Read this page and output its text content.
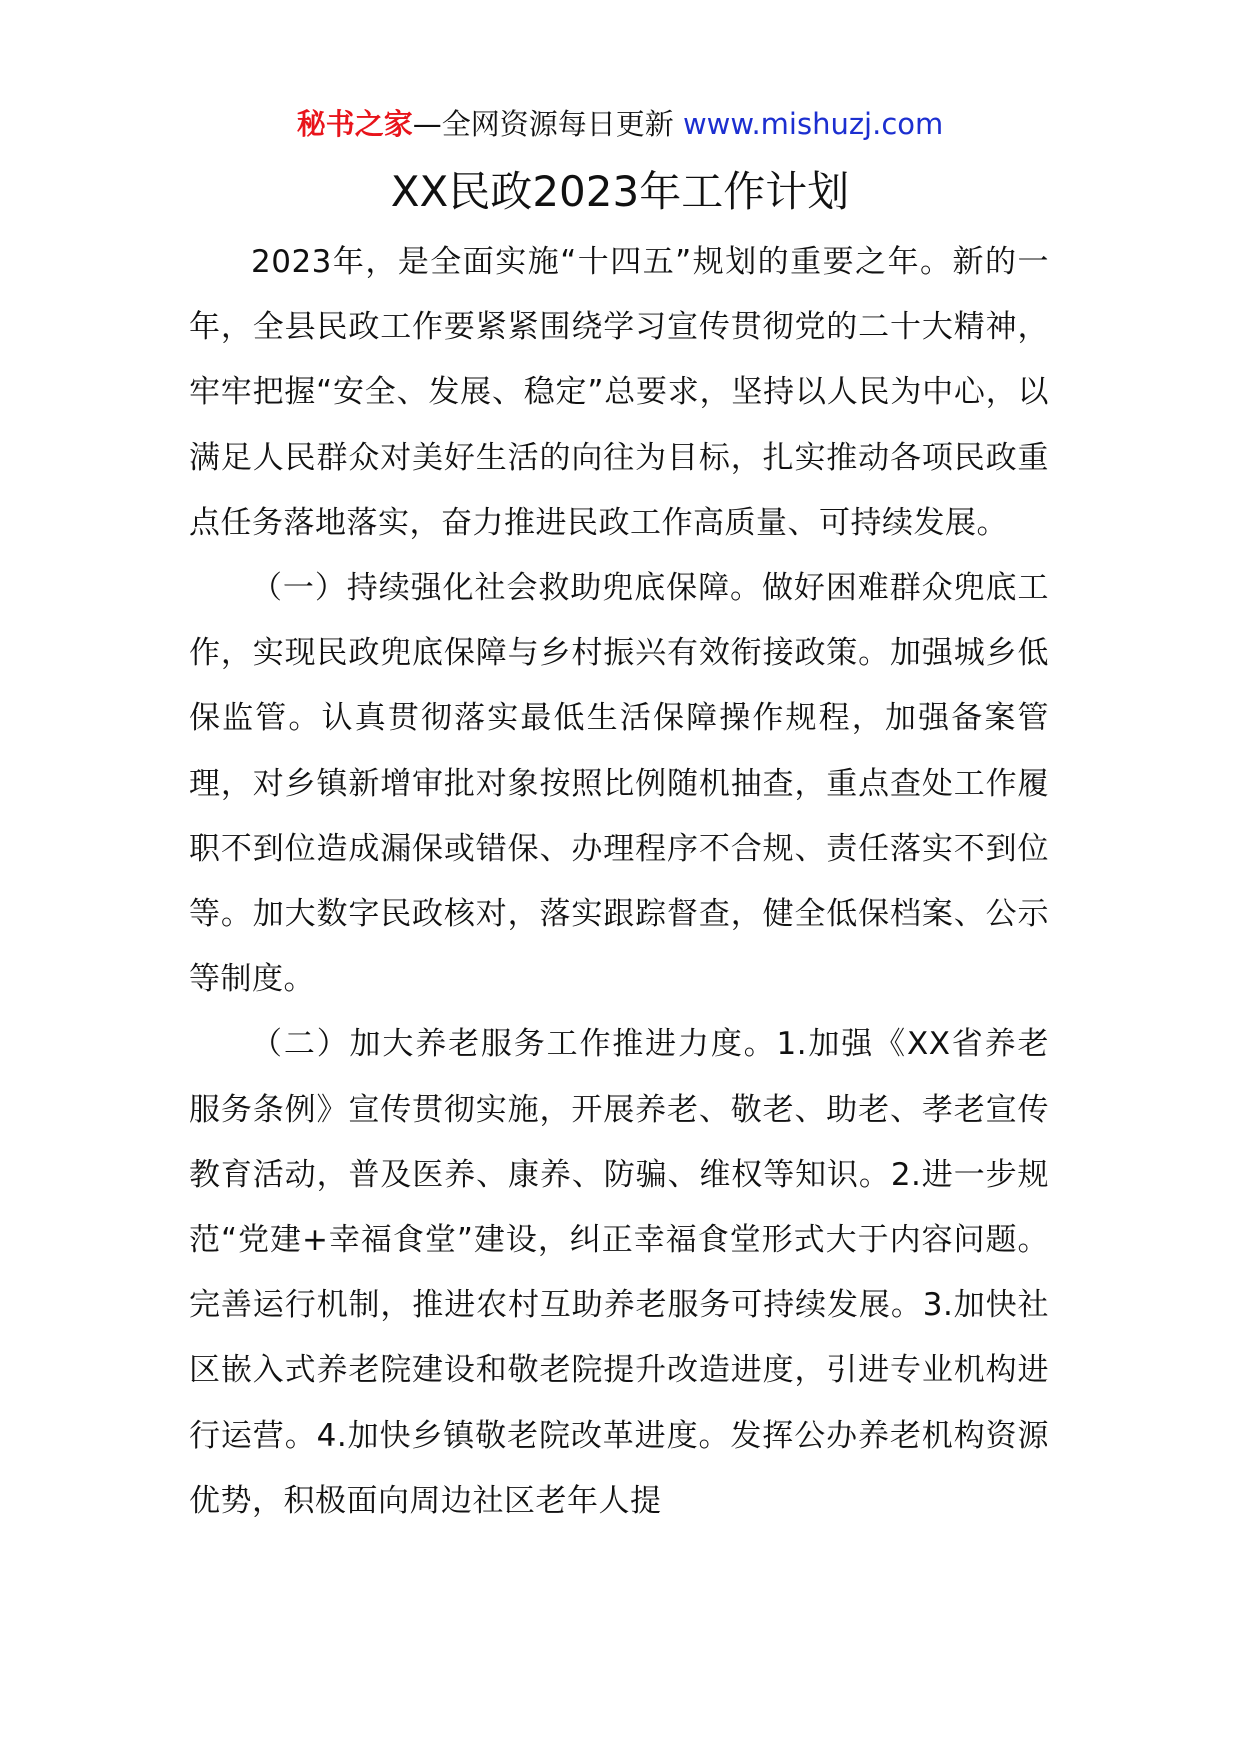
秘书之家—全网资源每日更新 www.mishuzj.com
XX民政2023年工作计划

2023年，是全面实施“十四五”规划的重要之年。新的一年，全县民政工作要紧紧围绕学习宣传贯彻党的二十大精神，牢牢把握“安全、发展、稳定”总要求，坚持以人民为中心，以满足人民群众对美好生活的向往为目标，扎实推动各项民政重点任务落地落实，奋力推进民政工作高质量、可持续发展。

（一）持续强化社会救助兜底保障。做好困难群众兜底工作，实现民政兜底保障与乡村振兴有效衔接政策。加强城乡低保监管。认真贯彻落实最低生活保障操作规程，加强备案管理，对乡镇新增审批对象按照比例随机抽查，重点查处工作履职不到位造成漏保或错保、办理程序不合规、责任落实不到位等。加大数字民政核对，落实跟踪督查，健全低保档案、公示等制度。

（二）加大养老服务工作推进力度。1.加强《XX省养老服务条例》宣传贯彻实施，开展养老、敬老、助老、孝老宣传教育活动，普及医养、康养、防骗、维权等知识。2.进一步规范“党建+幸福食堂”建设，纠正幸福食堂形式大于内容问题。完善运行机制，推进农村互助养老服务可持续发展。3.加快社区嵌入式养老院建设和敬老院提升改造进度，引进专业机构进行运营。4.加快乡镇敬老院改革进度。发挥公办养老机构资源优势，积极面向周边社区老年人提
